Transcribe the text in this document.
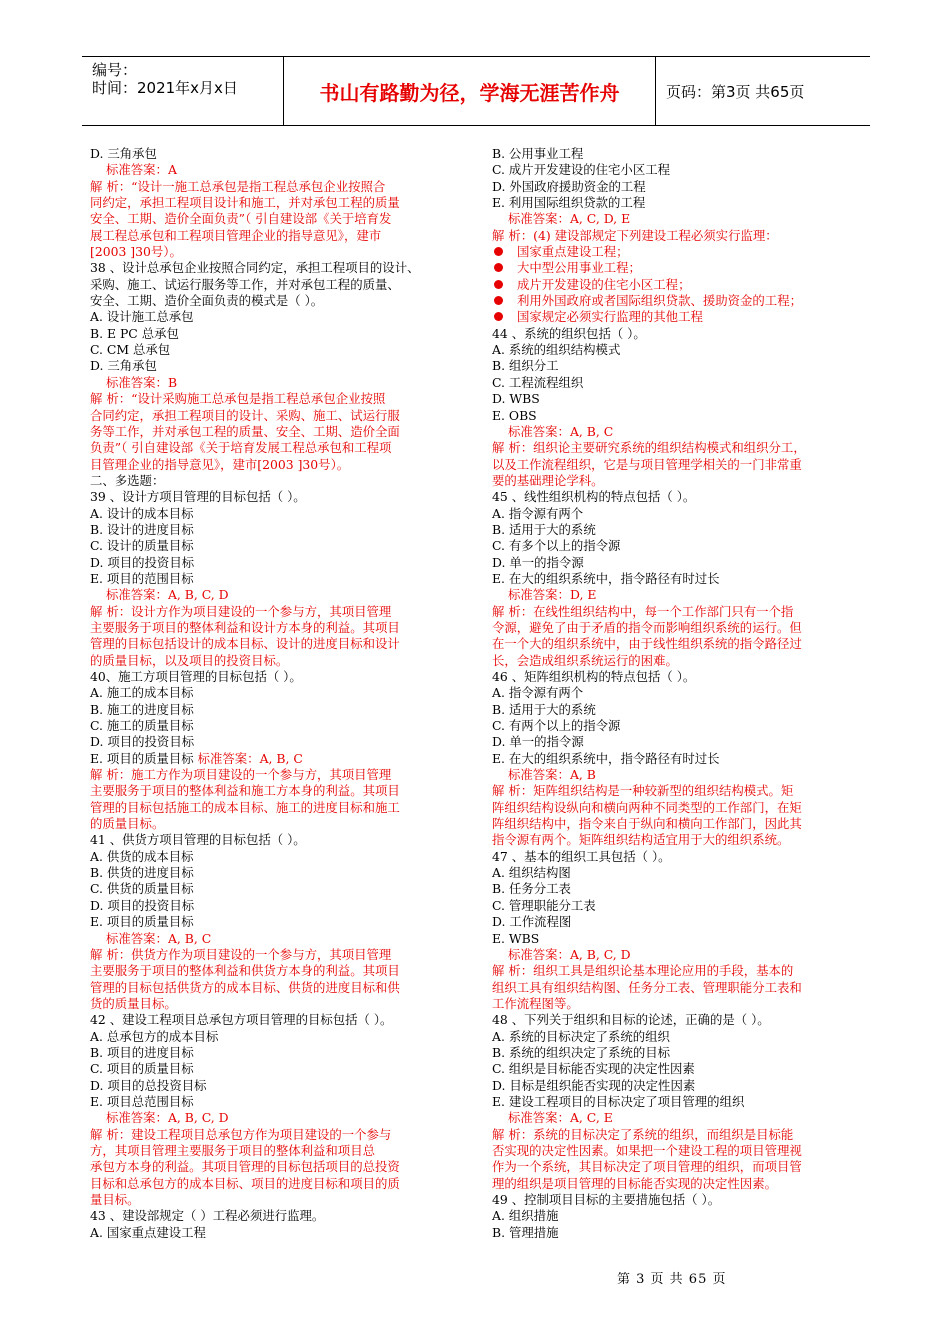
编号：
时间：2021年x月x日	书山有路勤为径，学海无涯苦作舟	页码：第3页 共65页
D. 三角承包
标准答案：A
解 析：“设计一施工总承包是指工程总承包企业按照合
同约定，承担工程项目设计和施工，并对承包工程的质量
安全、工期、造价全面负责”（ 引自建设部《关于培育发
展工程总承包和工程项目管理企业的指导意见》，建市
[2003 ]30号）。
38 、设计总承包企业按照合同约定，承担工程项目的设计、
采购、施工、试运行服务等工作，并对承包工程的质量、
安全、工期、造价全面负责的模式是（ ）。
A. 设计施工总承包
B. E PC 总承包
C. CM 总承包
D. 三角承包
标准答案：B
解 析：“设计采购施工总承包是指工程总承包企业按照
合同约定，承担工程项目的设计、采购、施工、试运行服
务等工作，并对承包工程的质量、安全、工期、造价全面
负责”（ 引自建设部《关于培育发展工程总承包和工程项
目管理企业的指导意见》，建市[2003 ]30号）。
二、多选题：
39 、设计方项目管理的目标包括（ ）。
A. 设计的成本目标
B. 设计的进度目标
C. 设计的质量目标
D. 项目的投资目标
E. 项目的范围目标
标准答案：A, B, C, D
解 析：设计方作为项目建设的一个参与方，其项目管理
主要服务于项目的整体利益和设计方本身的利益。其项目
管理的目标包括设计的成本目标、设计的进度目标和设计
的质量目标，以及项目的投资目标。
40、施工方项目管理的目标包括（ ）。
A. 施工的成本目标
B. 施工的进度目标
C. 施工的质量目标
D. 项目的投资目标
E. 项目的质量目标 标准答案：A, B, C
解 析：施工方作为项目建设的一个参与方，其项目管理
主要服务于项目的整体利益和施工方本身的利益。其项目
管理的目标包括施工的成本目标、施工的进度目标和施工
的质量目标。
41 、供货方项目管理的目标包括（ ）。
A. 供货的成本目标
B. 供货的进度目标
C. 供货的质量目标
D. 项目的投资目标
E. 项目的质量目标
标准答案：A, B, C
解 析：供货方作为项目建设的一个参与方，其项目管理
主要服务于项目的整体利益和供货方本身的利益。其项目
管理的目标包括供货方的成本目标、供货的进度目标和供
货的质量目标。
42 、建设工程项目总承包方项目管理的目标包括（ ）。
A. 总承包方的成本目标
B. 项目的进度目标
C. 项目的质量目标
D. 项目的总投资目标
E. 项目总范围目标
标准答案：A, B, C, D
解 析：建设工程项目总承包方作为项目建设的一个参与
方，其项目管理主要服务于项目的整体利益和项目总
承包方本身的利益。其项目管理的目标包括项目的总投资
目标和总承包方的成本目标、项目的进度目标和项目的质
量目标。
43 、建设部规定（ ）工程必须进行监理。
A. 国家重点建设工程
B. 公用事业工程
C. 成片开发建设的住宅小区工程
D. 外国政府援助资金的工程
E. 利用国际组织贷款的工程
标准答案：A, C, D, E
解 析：(4) 建设部规定下列建设工程必须实行监理：
国家重点建设工程；
大中型公用事业工程；
成片开发建设的住宅小区工程；
利用外国政府或者国际组织贷款、援助资金的工程；
国家规定必须实行监理的其他工程
44 、系统的组织包括（ ）。
A. 系统的组织结构模式
B. 组织分工
C. 工程流程组织
D. WBS
E. OBS
标准答案：A, B, C
解 析：组织论主要研究系统的组织结构模式和组织分工，
以及工作流程组织，它是与项目管理学相关的一门非常重
要的基础理论学科。
45 、线性组织机构的特点包括（ ）。
A. 指令源有两个
B. 适用于大的系统
C. 有多个以上的指令源
D. 单一的指令源
E. 在大的组织系统中，指令路径有时过长
标准答案：D, E
解 析：在线性组织结构中，每一个工作部门只有一个指
令源，避免了由于矛盾的指令而影响组织系统的运行。但
在一个大的组织系统中，由于线性组织系统的指令路径过
长，会造成组织系统运行的困难。
46 、矩阵组织机构的特点包括（ ）。
A. 指令源有两个
B. 适用于大的系统
C. 有两个以上的指令源
D. 单一的指令源
E. 在大的组织系统中，指令路径有时过长
标准答案：A, B
解 析：矩阵组织结构是一种较新型的组织结构模式。矩
阵组织结构设纵向和横向两种不同类型的工作部门，在矩
阵组织结构中，指令来自于纵向和横向工作部门，因此其
指令源有两个。矩阵组织结构适宜用于大的组织系统。
47 、基本的组织工具包括（ ）。
A. 组织结构图
B. 任务分工表
C. 管理职能分工表
D. 工作流程图
E. WBS
标准答案：A, B, C, D
解 析：组织工具是组织论基本理论应用的手段，基本的
组织工具有组织结构图、任务分工表、管理职能分工表和
工作流程图等。
48 、下列关于组织和目标的论述，正确的是（ ）。
A. 系统的目标决定了系统的组织
B. 系统的组织决定了系统的目标
C. 组织是目标能否实现的决定性因素
D. 目标是组织能否实现的决定性因素
E. 建设工程项目的目标决定了项目管理的组织
标准答案：A, C, E
解 析：系统的目标决定了系统的组织，而组织是目标能
否实现的决定性因素。如果把一个建设工程的项目管理视
作为一个系统，其目标决定了项目管理的组织，而项目管
理的组织是项目管理的目标能否实现的决定性因素。
49 、控制项目目标的主要措施包括（ ）。
A. 组织措施
B. 管理措施
第 3 页 共 65 页
